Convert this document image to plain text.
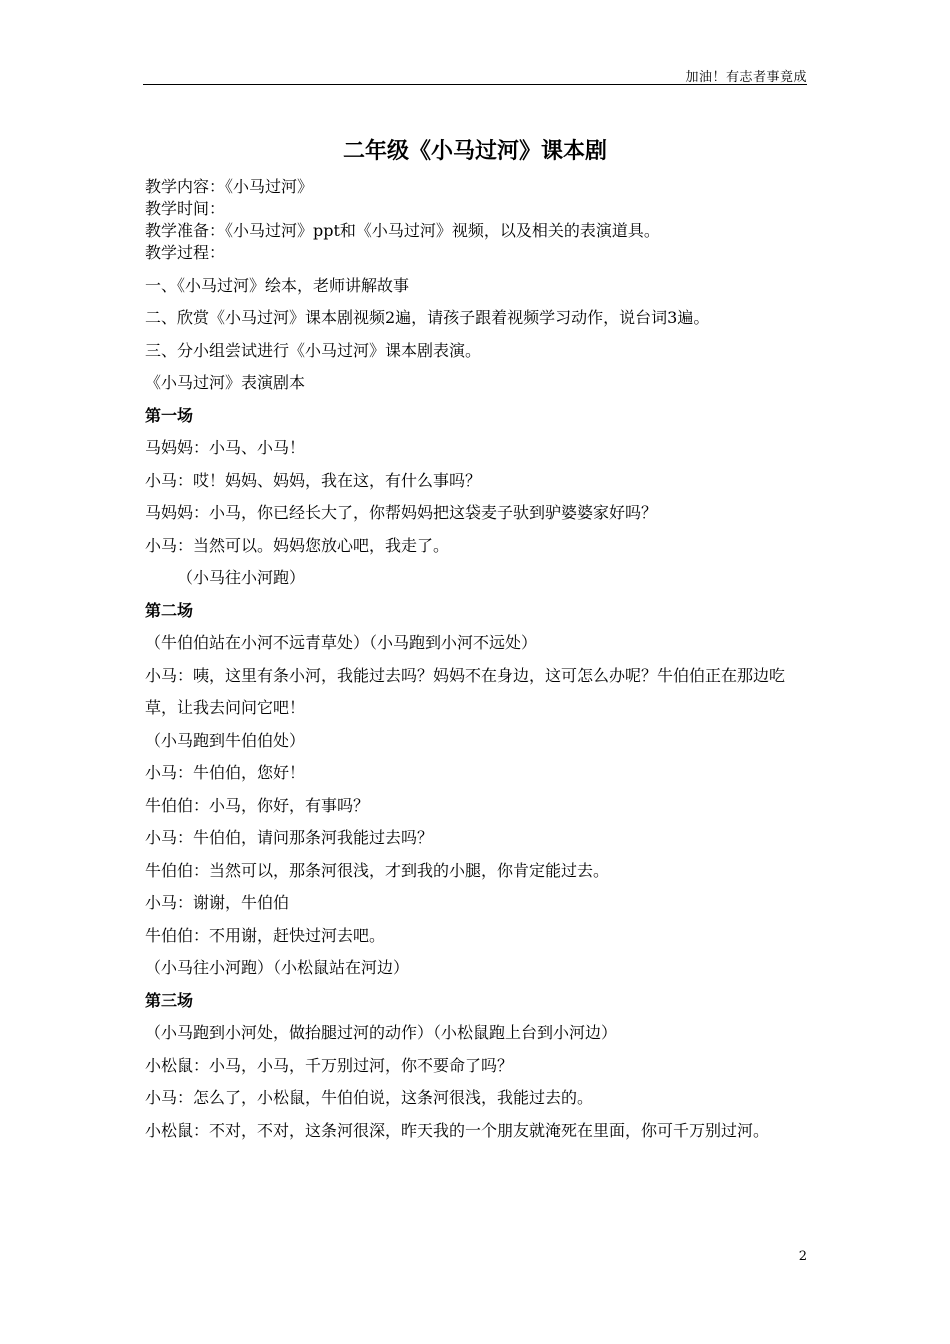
加油！有志者事竟成
二年级《小马过河》课本剧

教学内容：《小马过河》

教学时间：

教学准备：《小马过河》ppt和《小马过河》视频，以及相关的表演道具。

教学过程：

一、《小马过河》绘本，老师讲解故事

二、欣赏《小马过河》课本剧视频2遍，请孩子跟着视频学习动作，说台词3遍。

三、分小组尝试进行《小马过河》课本剧表演。

《小马过河》表演剧本

第一场

马妈妈：小马、小马！

小马：哎！妈妈、妈妈，我在这，有什么事吗？

马妈妈：小马，你已经长大了，你帮妈妈把这袋麦子驮到驴婆婆家好吗？

小马：当然可以。妈妈您放心吧，我走了。

（小马往小河跑）

第二场

（牛伯伯站在小河不远青草处）（小马跑到小河不远处）

小马：咦，这里有条小河，我能过去吗？妈妈不在身边，这可怎么办呢？牛伯伯正在那边吃

草，让我去问问它吧！

（小马跑到牛伯伯处）

小马：牛伯伯，您好！

牛伯伯：小马，你好，有事吗？

小马：牛伯伯，请问那条河我能过去吗？

牛伯伯：当然可以，那条河很浅，才到我的小腿，你肯定能过去。

小马：谢谢，牛伯伯

牛伯伯：不用谢，赶快过河去吧。

（小马往小河跑）（小松鼠站在河边）

第三场

（小马跑到小河处，做抬腿过河的动作）（小松鼠跑上台到小河边）

小松鼠：小马，小马，千万别过河，你不要命了吗？

小马：怎么了，小松鼠，牛伯伯说，这条河很浅，我能过去的。

小松鼠：不对，不对，这条河很深，昨天我的一个朋友就淹死在里面，你可千万别过河。

2
